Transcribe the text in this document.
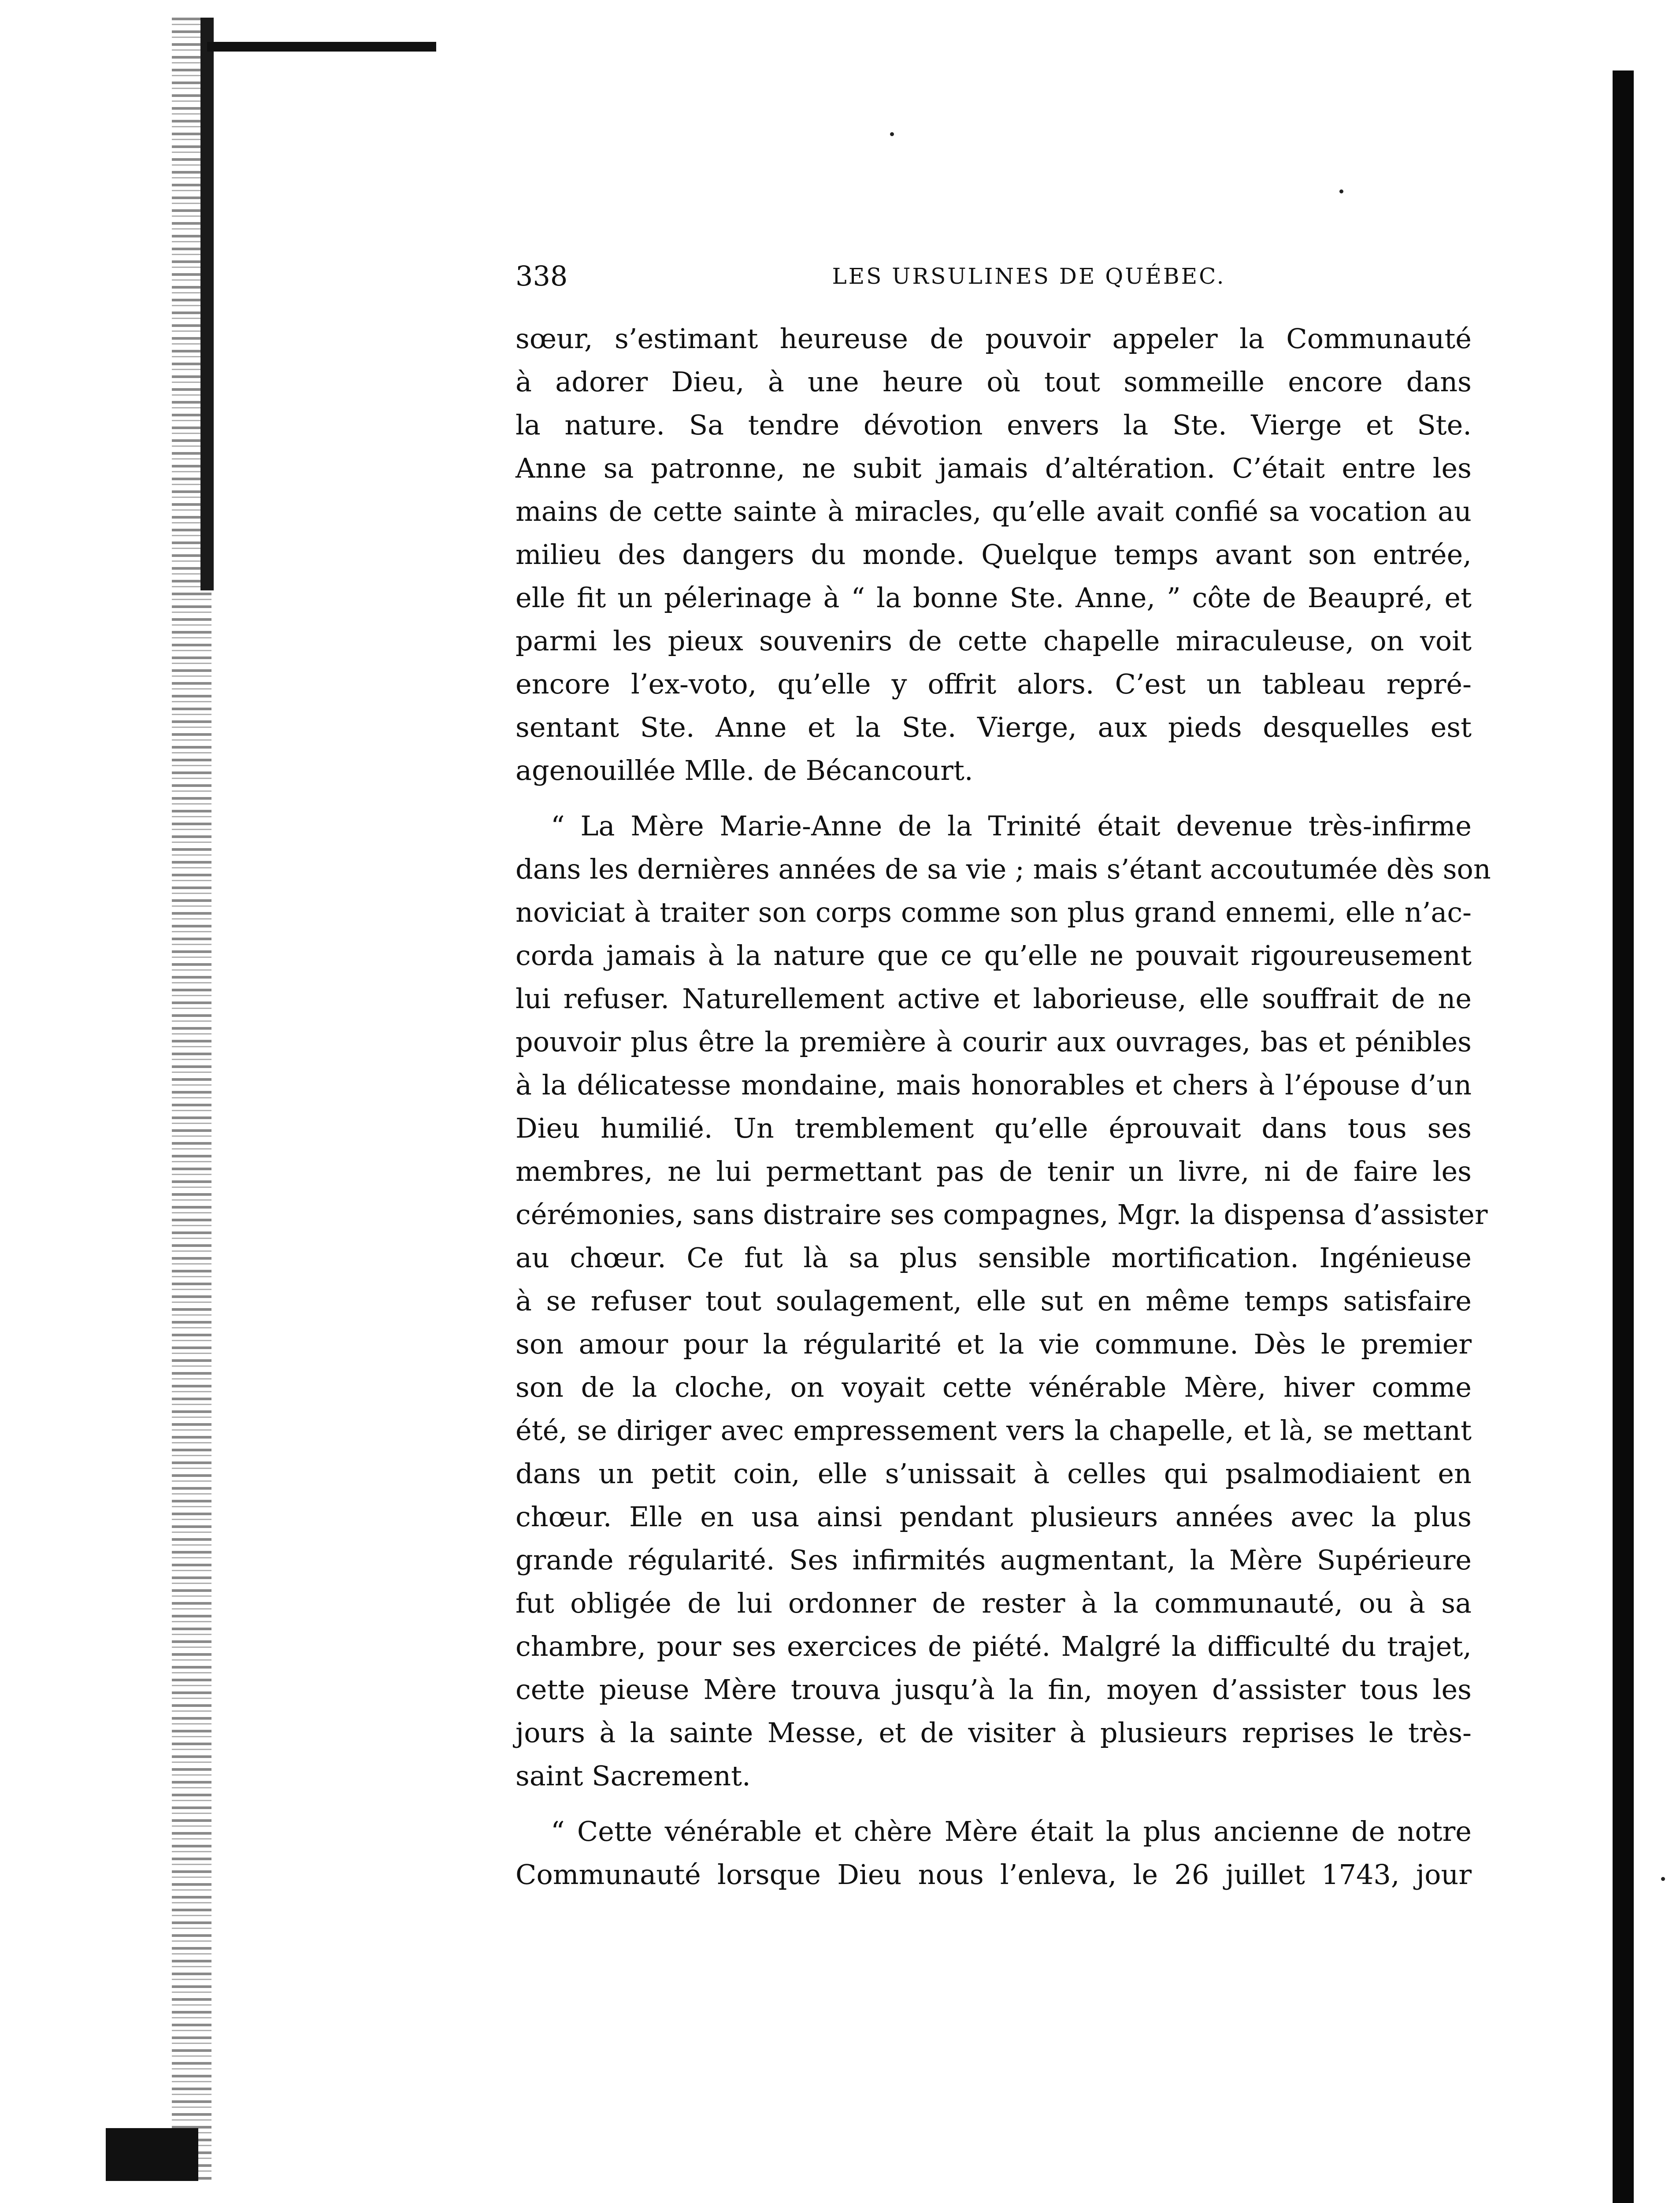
338	LES URSULINES DE QUÉBEC.
sœur, s’estimant heureuse de pouvoir appeler la Communauté
à adorer Dieu, à une heure où tout sommeille encore dans
la nature. Sa tendre dévotion envers la Ste. Vierge et Ste.
Anne sa patronne, ne subit jamais d’altération. C’était entre les
mains de cette sainte à miracles, qu’elle avait confié sa vocation au
milieu des dangers du monde. Quelque temps avant son entrée,
elle fit un pélerinage à “ la bonne Ste. Anne, ” côte de Beaupré, et
parmi les pieux souvenirs de cette chapelle miraculeuse, on voit
encore l’ex-voto, qu’elle y offrit alors. C’est un tableau repré-
sentant Ste. Anne et la Ste. Vierge, aux pieds desquelles est
agenouillée Mlle. de Bécancourt.
“ La Mère Marie-Anne de la Trinité était devenue très-infirme
dans les dernières années de sa vie ; mais s’étant accoutumée dès son
noviciat à traiter son corps comme son plus grand ennemi, elle n’ac-
corda jamais à la nature que ce qu’elle ne pouvait rigoureusement
lui refuser. Naturellement active et laborieuse, elle souffrait de ne
pouvoir plus être la première à courir aux ouvrages, bas et pénibles
à la délicatesse mondaine, mais honorables et chers à l’épouse d’un
Dieu humilié. Un tremblement qu’elle éprouvait dans tous ses
membres, ne lui permettant pas de tenir un livre, ni de faire les
cérémonies, sans distraire ses compagnes, Mgr. la dispensa d’assister
au chœur. Ce fut là sa plus sensible mortification. Ingénieuse
à se refuser tout soulagement, elle sut en même temps satisfaire
son amour pour la régularité et la vie commune. Dès le premier
son de la cloche, on voyait cette vénérable Mère, hiver comme
été, se diriger avec empressement vers la chapelle, et là, se mettant
dans un petit coin, elle s’unissait à celles qui psalmodiaient en
chœur. Elle en usa ainsi pendant plusieurs années avec la plus
grande régularité. Ses infirmités augmentant, la Mère Supérieure
fut obligée de lui ordonner de rester à la communauté, ou à sa
chambre, pour ses exercices de piété. Malgré la difficulté du trajet,
cette pieuse Mère trouva jusqu’à la fin, moyen d’assister tous les
jours à la sainte Messe, et de visiter à plusieurs reprises le très-
saint Sacrement.
“ Cette vénérable et chère Mère était la plus ancienne de notre
Communauté lorsque Dieu nous l’enleva, le 26 juillet 1743, jour
